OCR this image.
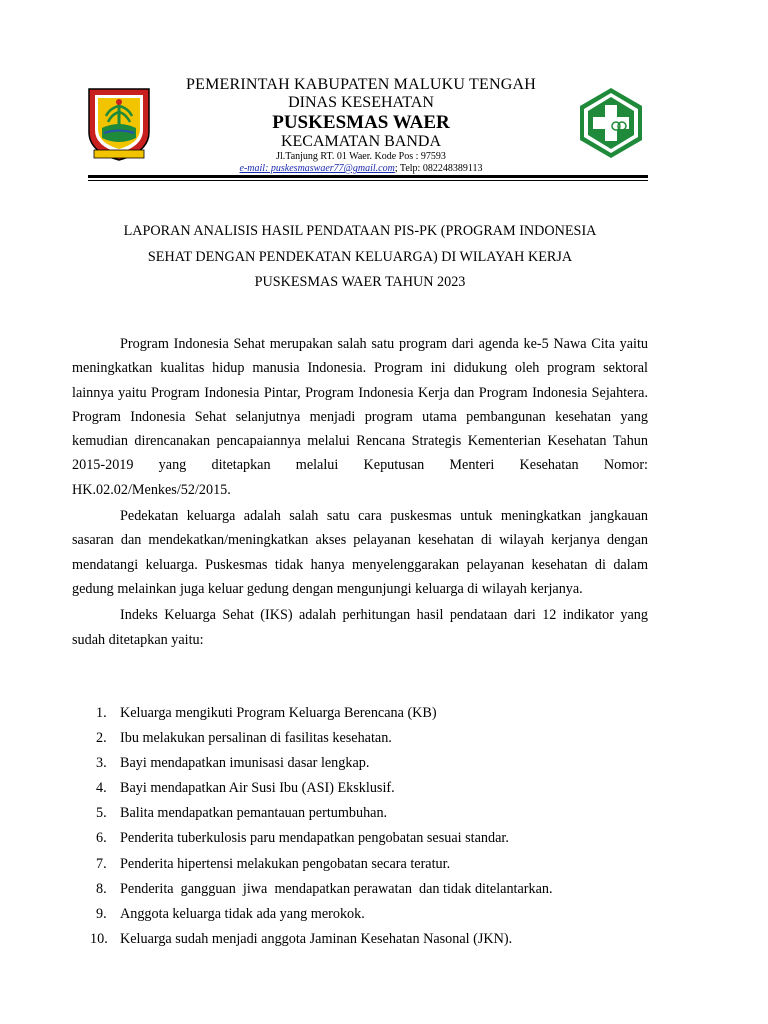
PEMERINTAH KABUPATEN MALUKU TENGAH
DINAS KESEHATAN
PUSKESMAS WAER
KECAMATAN BANDA
Jl.Tanjung RT. 01 Waer. Kode Pos : 97593
e-mail: puskesmaswaer77@gmail.com; Telp: 082248389113
LAPORAN ANALISIS HASIL PENDATAAN PIS-PK (PROGRAM INDONESIA
SEHAT DENGAN PENDEKATAN KELUARGA) DI WILAYAH KERJA
PUSKESMAS WAER TAHUN 2023

Program Indonesia Sehat merupakan salah satu program dari agenda ke-5 Nawa Cita yaitu meningkatkan kualitas hidup manusia Indonesia. Program ini didukung oleh program sektoral lainnya yaitu Program Indonesia Pintar, Program Indonesia Kerja dan Program Indonesia Sejahtera. Program Indonesia Sehat selanjutnya menjadi program utama pembangunan kesehatan yang kemudian direncanakan pencapaiannya melalui Rencana Strategis Kementerian Kesehatan Tahun 2015-2019 yang ditetapkan melalui Keputusan Menteri Kesehatan Nomor: HK.02.02/Menkes/52/2015.

Pedekatan keluarga adalah salah satu cara puskesmas untuk meningkatkan jangkauan sasaran dan mendekatkan/meningkatkan akses pelayanan kesehatan di wilayah kerjanya dengan mendatangi keluarga. Puskesmas tidak hanya menyelenggarakan pelayanan kesehatan di dalam gedung melainkan juga keluar gedung dengan mengunjungi keluarga di wilayah kerjanya.

Indeks Keluarga Sehat (IKS) adalah perhitungan hasil pendataan dari 12 indikator yang sudah ditetapkan yaitu:

1. Keluarga mengikuti Program Keluarga Berencana (KB)
2. Ibu melakukan persalinan di fasilitas kesehatan.
3. Bayi mendapatkan imunisasi dasar lengkap.
4. Bayi mendapatkan Air Susi Ibu (ASI) Eksklusif.
5. Balita mendapatkan pemantauan pertumbuhan.
6. Penderita tuberkulosis paru mendapatkan pengobatan sesuai standar.
7. Penderita hipertensi melakukan pengobatan secara teratur.
8. Penderita  gangguan  jiwa  mendapatkan perawatan  dan tidak ditelantarkan.
9. Anggota keluarga tidak ada yang merokok.
10. Keluarga sudah menjadi anggota Jaminan Kesehatan Nasonal (JKN).
